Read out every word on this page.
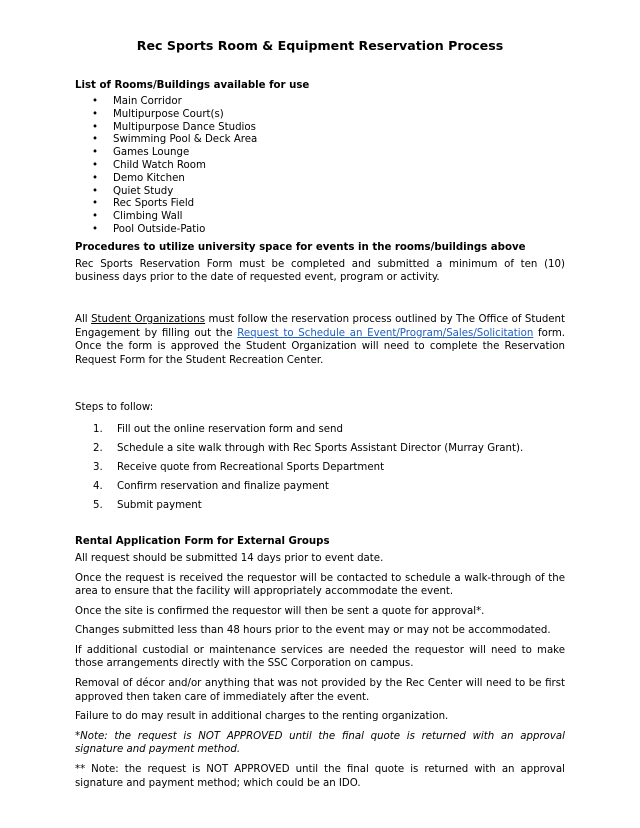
Rec Sports Room & Equipment Reservation Process
List of Rooms/Buildings available for use
• Main Corridor
• Multipurpose Court(s)
• Multipurpose Dance Studios
• Swimming Pool & Deck Area
• Games Lounge
• Child Watch Room
• Demo Kitchen
• Quiet Study
• Rec Sports Field
• Climbing Wall
• Pool Outside-Patio
Procedures to utilize university space for events in the rooms/buildings above

Rec Sports Reservation Form must be completed and submitted a minimum of ten (10) business days prior to the date of requested event, program or activity.

All Student Organizations must follow the reservation process outlined by The Office of Student Engagement by filling out the Request to Schedule an Event/Program/Sales/Solicitation form. Once the form is approved the Student Organization will need to complete the Reservation Request Form for the Student Recreation Center.

Steps to follow:

1. Fill out the online reservation form and send
2. Schedule a site walk through with Rec Sports Assistant Director (Murray Grant).
3. Receive quote from Recreational Sports Department
4. Confirm reservation and finalize payment
5. Submit payment
Rental Application Form for External Groups

All request should be submitted 14 days prior to event date.

Once the request is received the requestor will be contacted to schedule a walk-through of the area to ensure that the facility will appropriately accommodate the event.

Once the site is confirmed the requestor will then be sent a quote for approval*.

Changes submitted less than 48 hours prior to the event may or may not be accommodated.

If additional custodial or maintenance services are needed the requestor will need to make those arrangements directly with the SSC Corporation on campus.

Removal of décor and/or anything that was not provided by the Rec Center will need to be first approved then taken care of immediately after the event.

Failure to do may result in additional charges to the renting organization.

*Note: the request is NOT APPROVED until the final quote is returned with an approval signature and payment method.

** Note: the request is NOT APPROVED until the final quote is returned with an approval signature and payment method; which could be an IDO.
